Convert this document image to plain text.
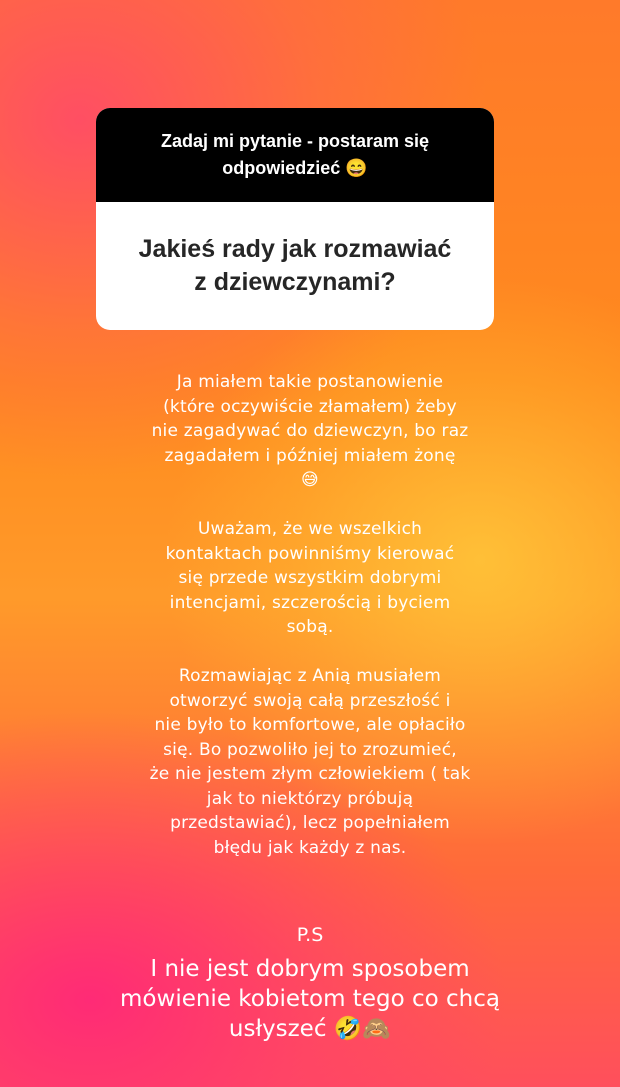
Zadaj mi pytanie - postaram się odpowiedzieć 😄
Jakieś rady jak rozmawiać z dziewczynami?
Ja miałem takie postanowienie
(które oczywiście złamałem) żeby
nie zagadywać do dziewczyn, bo raz
zagadałem i później miałem żonę
😅
Uważam, że we wszelkich
kontaktach powinniśmy kierować
się przede wszystkim dobrymi
intencjami, szczerością i byciem
sobą.
Rozmawiając z Anią musiałem
otworzyć swoją całą przeszłość i
nie było to komfortowe, ale opłaciło
się. Bo pozwoliło jej to zrozumieć,
że nie jestem złym człowiekiem ( tak
jak to niektórzy próbują
przedstawiać), lecz popełniałem
błędu jak każdy z nas.
P.S
I nie jest dobrym sposobem
mówienie kobietom tego co chcą
usłyszeć 🤣🙈
